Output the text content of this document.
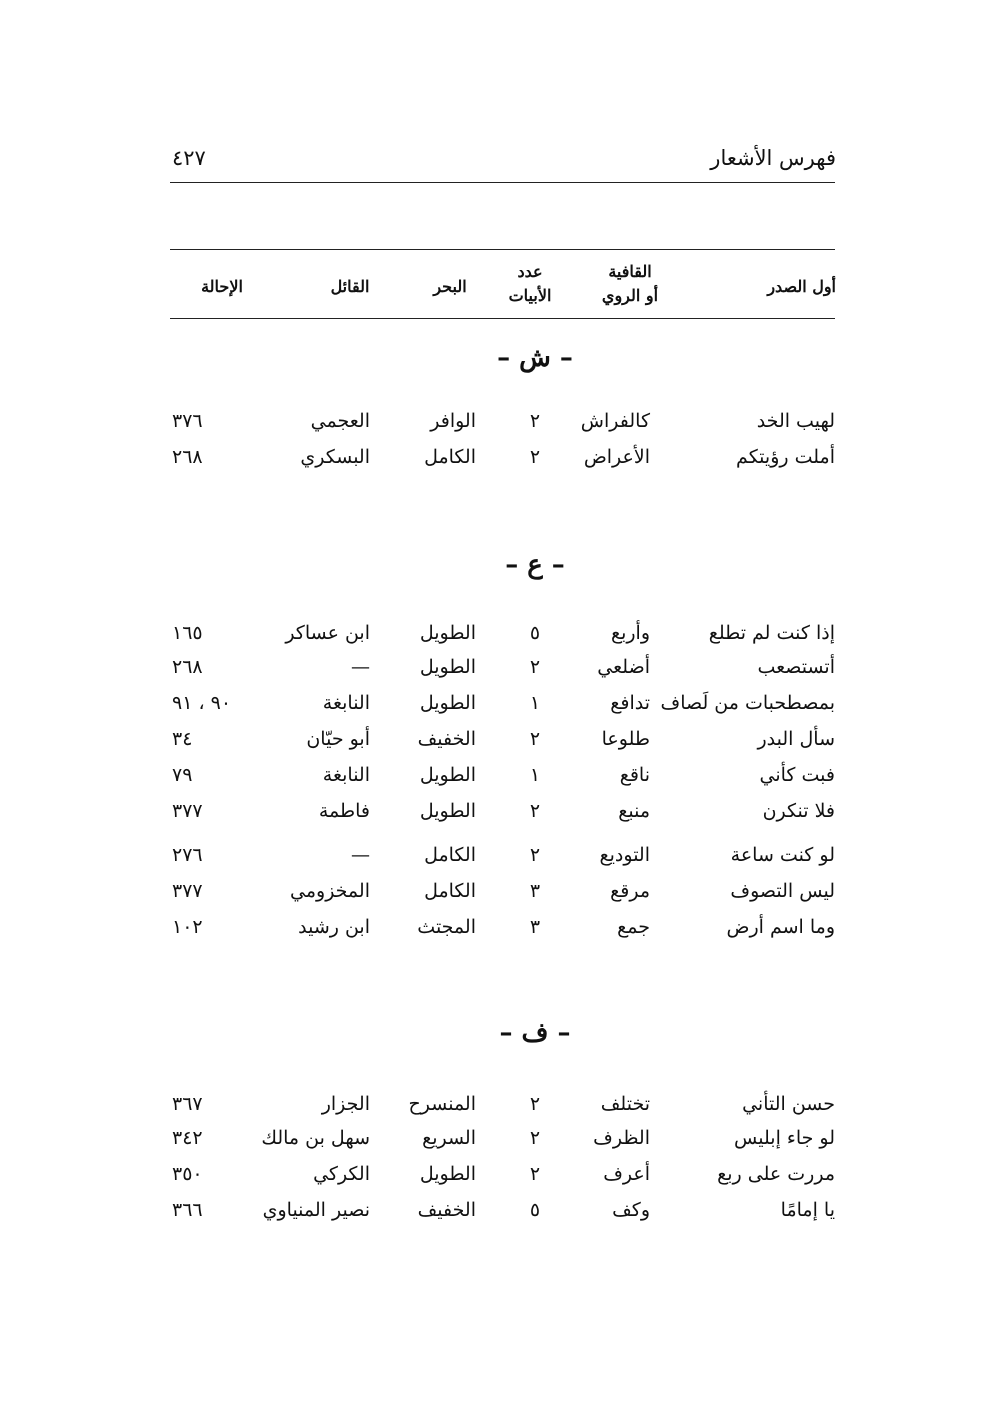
فهرس الأشعار
٤٢٧
أول الصدر
القافية
أو الروي
عدد
الأبيات
البحر
القائل
الإحالة
– ش –
لهيب الخد
كالفراش
٢
الوافر
العجمي
٣٧٦
أملت رؤيتكم
الأعراض
٢
الكامل
البسكري
٢٦٨
– ع –
إذا كنت لم تطلع
وأربع
٥
الطويل
ابن عساكر
١٦٥
أتستصعب
أضلعي
٢
الطويل
—
٢٦٨
بمصطحبات من لَصاف
تدافع
١
الطويل
النابغة
٩٠ ، ٩١
سأل البدر
طلوعا
٢
الخفيف
أبو حيّان
٣٤
فبت كأني
ناقع
١
الطويل
النابغة
٧٩
فلا تنكرن
منبع
٢
الطويل
فاطمة
٣٧٧
لو كنت ساعة
التوديع
٢
الكامل
—
٢٧٦
ليس التصوف
مرقع
٣
الكامل
المخزومي
٣٧٧
وما اسم أرض
جمع
٣
المجتث
ابن رشيد
١٠٢
– ف –
حسن التأني
تختلف
٢
المنسرح
الجزار
٣٦٧
لو جاء إبليس
الظرف
٢
السريع
سهل بن مالك
٣٤٢
مررت على ربع
أعرف
٢
الطويل
الكركي
٣٥٠
يا إمامًا
وكف
٥
الخفيف
نصير المنياوي
٣٦٦
